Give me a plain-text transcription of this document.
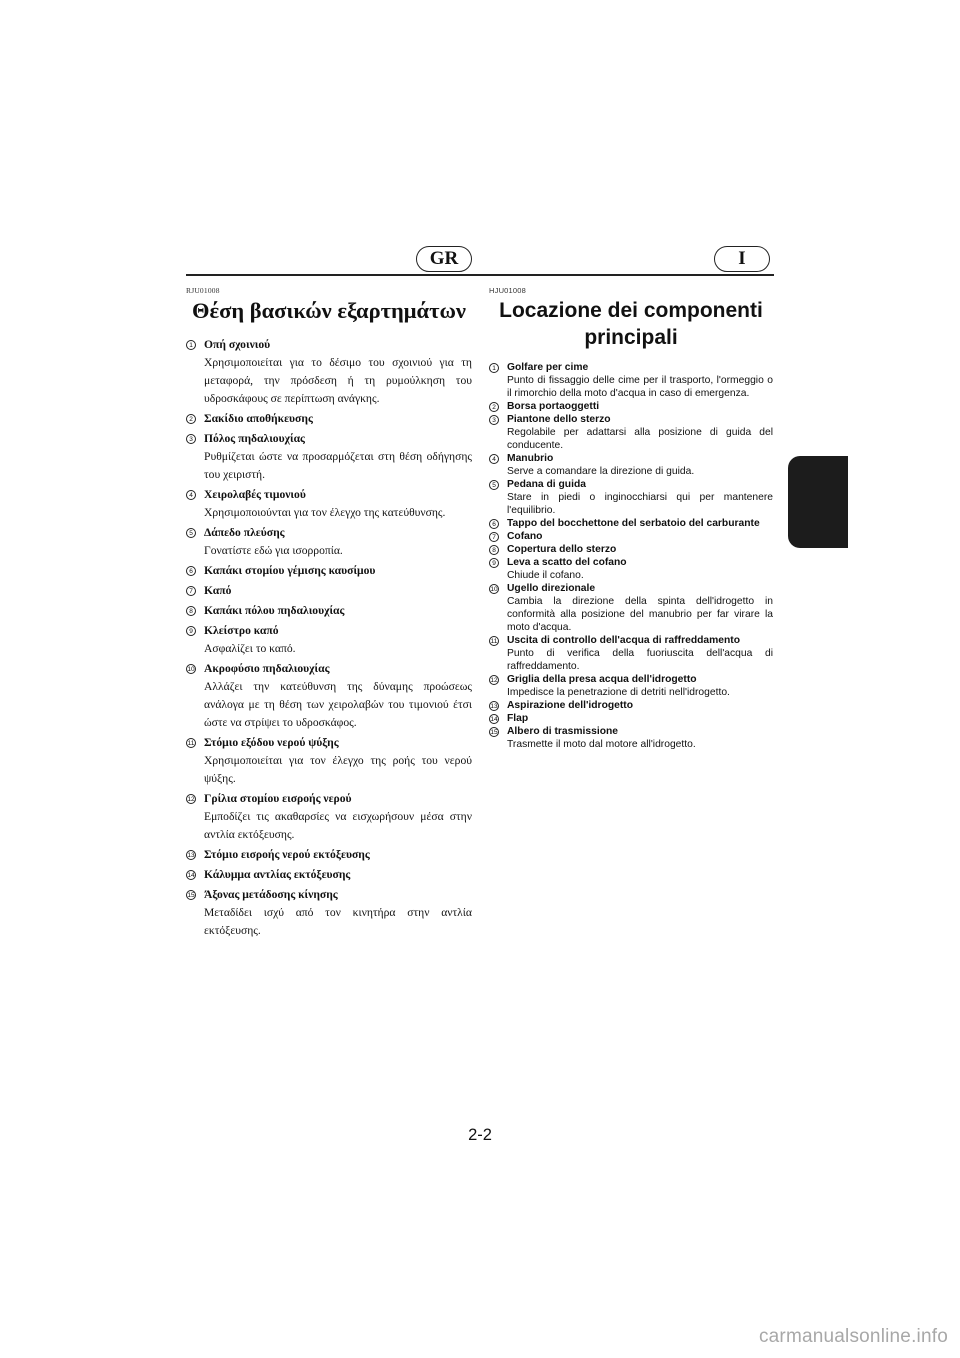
GR	I
RJU01008
Θέση βασικών εξαρτημάτων
1 Οπή σχοινιού
Χρησιμοποιείται για το δέσιμο του σχοινιού για τη μεταφορά, την πρόσδεση ή τη ρυμούλκηση του υδροσκάφους σε περίπτωση ανάγκης.
2 Σακίδιο αποθήκευσης
3 Πόλος πηδαλιουχίας
Ρυθμίζεται ώστε να προσαρμόζεται στη θέση οδήγησης του χειριστή.
4 Χειρολαβές τιμονιού
Χρησιμοποιούνται για τον έλεγχο της κατεύθυνσης.
5 Δάπεδο πλεύσης
Γονατίστε εδώ για ισορροπία.
6 Καπάκι στομίου γέμισης καυσίμου
7 Καπό
8 Καπάκι πόλου πηδαλιουχίας
9 Κλείστρο καπό
Ασφαλίζει το καπό.
10 Ακροφύσιο πηδαλιουχίας
Αλλάζει την κατεύθυνση της δύναμης προώσεως ανάλογα με τη θέση των χειρολαβών του τιμονιού έτσι ώστε να στρίψει το υδροσκάφος.
11 Στόμιο εξόδου νερού ψύξης
Χρησιμοποιείται για τον έλεγχο της ροής του νερού ψύξης.
12 Γρίλια στομίου εισροής νερού
Εμποδίζει τις ακαθαρσίες να εισχωρήσουν μέσα στην αντλία εκτόξευσης.
13 Στόμιο εισροής νερού εκτόξευσης
14 Κάλυμμα αντλίας εκτόξευσης
15 Άξονας μετάδοσης κίνησης
Μεταδίδει ισχύ από τον κινητήρα στην αντλία εκτόξευσης.
HJU01008
Locazione dei componenti principali
1	Golfare per cime
Punto di fissaggio delle cime per il trasporto, l'ormeggio o il rimorchio della moto d'acqua in caso di emergenza.
2	Borsa portaoggetti
3	Piantone dello sterzo
Regolabile per adattarsi alla posizione di guida del conducente.
4	Manubrio
Serve a comandare la direzione di guida.
5	Pedana di guida
Stare in piedi o inginocchiarsi qui per mantenere l'equilibrio.
6	Tappo del bocchettone del serbatoio del carburante
7	Cofano
8	Copertura dello sterzo
9	Leva a scatto del cofano
Chiude il cofano.
10 Ugello direzionale
Cambia la direzione della spinta dell'idrogetto in conformità alla posizione del manubrio per far virare la moto d'acqua.
11 Uscita di controllo dell'acqua di raffreddamento
Punto di verifica della fuoriuscita dell'acqua di raffreddamento.
12 Griglia della presa acqua dell'idrogetto
Impedisce la penetrazione di detriti nell'idrogetto.
13 Aspirazione dell'idrogetto
14 Flap
15 Albero di trasmissione
Trasmette il moto dal motore all'idrogetto.
2-2
carmanualsonline.info
